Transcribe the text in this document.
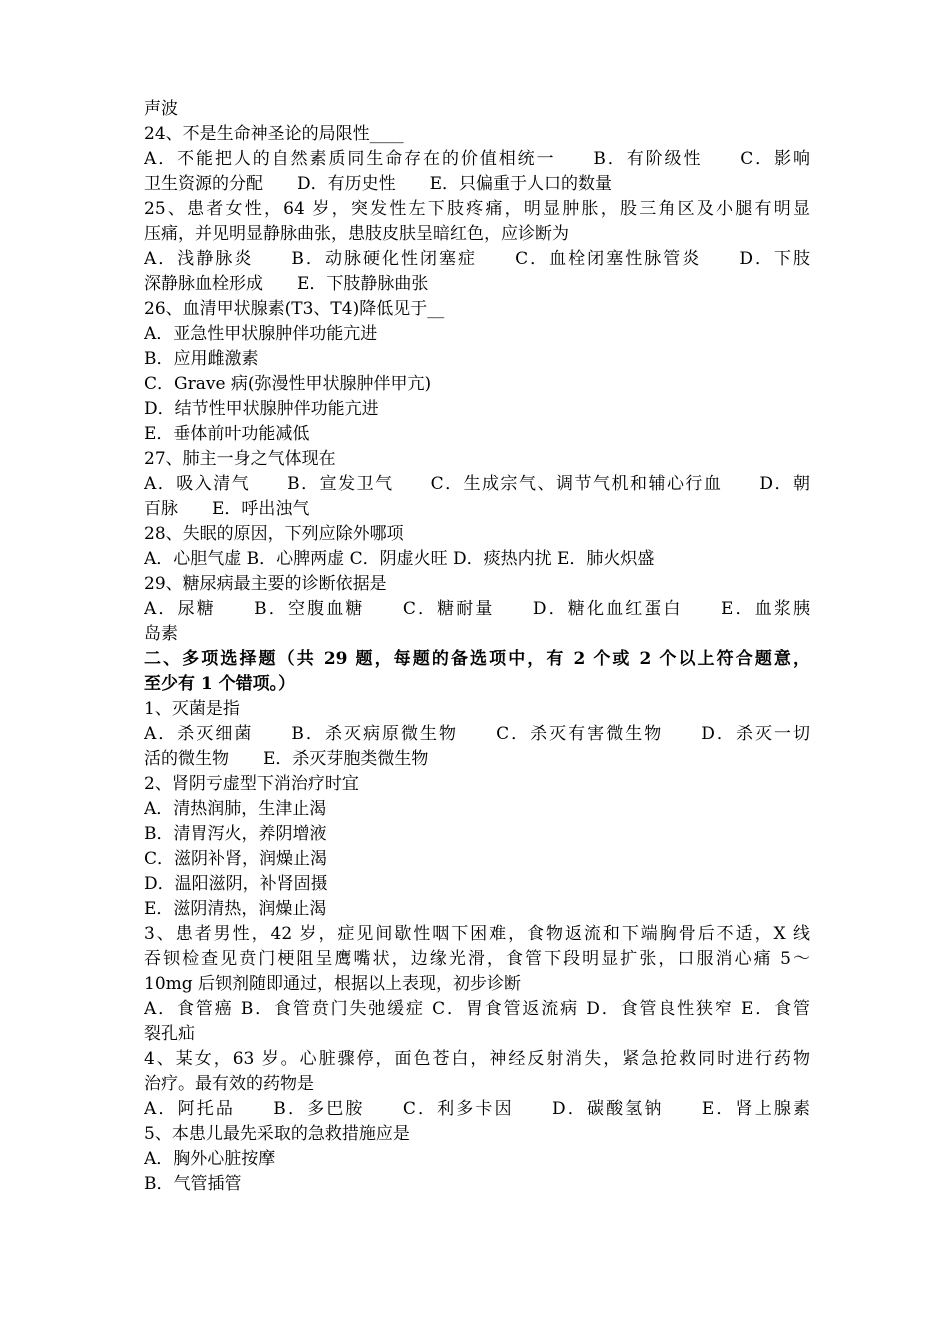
声波
24、不是生命神圣论的局限性____
A．不能把人的自然素质同生命存在的价值相统一　　B．有阶级性　　C．影响
卫生资源的分配　　D．有历史性　　E．只偏重于人口的数量
25、患者女性，64 岁，突发性左下肢疼痛，明显肿胀，股三角区及小腿有明显
压痛，并见明显静脉曲张，患肢皮肤呈暗红色，应诊断为
A．浅静脉炎　　B．动脉硬化性闭塞症　　C．血栓闭塞性脉管炎　　D．下肢
深静脉血栓形成　　E．下肢静脉曲张
26、血清甲状腺素(T3、T4)降低见于__
A．亚急性甲状腺肿伴功能亢进
B．应用雌激素
C．Grave 病(弥漫性甲状腺肿伴甲亢)
D．结节性甲状腺肿伴功能亢进
E．垂体前叶功能减低
27、肺主一身之气体现在
A．吸入清气　　B．宣发卫气　　C．生成宗气、调节气机和辅心行血　　D．朝
百脉　　E．呼出浊气
28、失眠的原因，下列应除外哪项
A．心胆气虚 B．心脾两虚 C．阴虚火旺 D．痰热内扰 E．肺火炽盛
29、糖尿病最主要的诊断依据是
A．尿糖　　B．空腹血糖　　C．糖耐量　　D．糖化血红蛋白　　E．血浆胰
岛素
二、多项选择题（共 29 题，每题的备选项中，有 2 个或 2 个以上符合题意，
至少有 1 个错项。）
1、灭菌是指
A．杀灭细菌　　B．杀灭病原微生物　　C．杀灭有害微生物　　D．杀灭一切
活的微生物　　E．杀灭芽胞类微生物
2、肾阴亏虚型下消治疗时宜
A．清热润肺，生津止渴
B．清胃泻火，养阴增液
C．滋阴补肾，润燥止渴
D．温阳滋阴，补肾固摄
E．滋阴清热，润燥止渴
3、患者男性，42 岁，症见间歇性咽下困难，食物返流和下端胸骨后不适，X 线
吞钡检查见贲门梗阻呈鹰嘴状，边缘光滑，食管下段明显扩张，口服消心痛 5～
10mg 后钡剂随即通过，根据以上表现，初步诊断
A．食管癌 B．食管贲门失弛缓症 C．胃食管返流病 D．食管良性狭窄 E．食管
裂孔疝
4、某女，63 岁。心脏骤停，面色苍白，神经反射消失，紧急抢救同时进行药物
治疗。最有效的药物是
A．阿托品　　B．多巴胺　　C．利多卡因　　D．碳酸氢钠　　E．肾上腺素
5、本患儿最先采取的急救措施应是
A．胸外心脏按摩
B．气管插管
